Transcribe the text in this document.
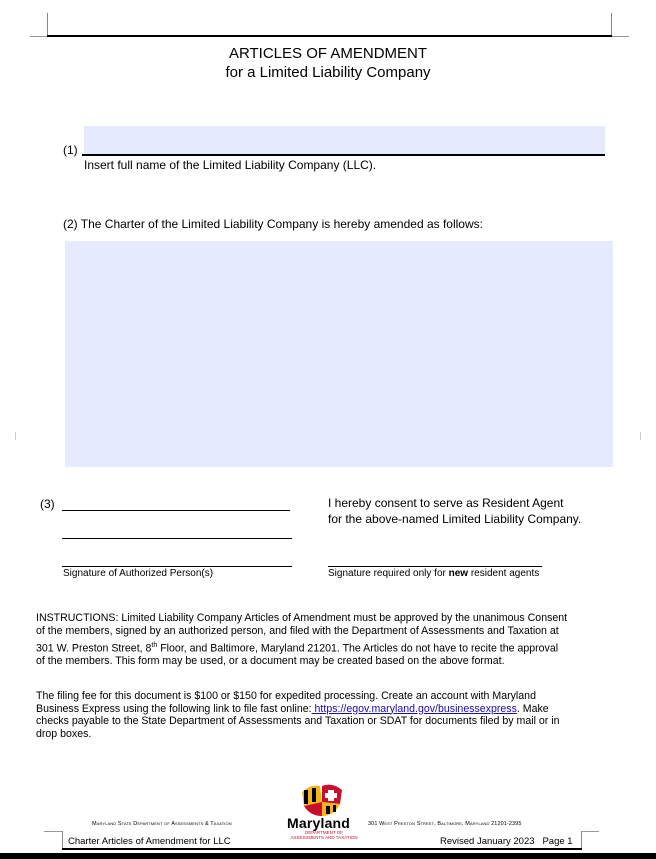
ARTICLES OF AMENDMENT
for a Limited Liability Company
(1)
Insert full name of the Limited Liability Company (LLC).
(2) The Charter of the Limited Liability Company is hereby amended as follows:
(3)
Signature of Authorized Person(s)
I hereby consent to serve as Resident Agent
for the above-named Limited Liability Company.
Signature required only for new resident agents
INSTRUCTIONS: Limited Liability Company Articles of Amendment must be approved by the unanimous Consent
of the members, signed by an authorized person, and filed with the Department of Assessments and Taxation at
301 W. Preston Street, 8th Floor, and Baltimore, Maryland 21201. The Articles do not have to recite the approval
of the members. This form may be used, or a document may be created based on the above format.
The filing fee for this document is $100 or $150 for expedited processing. Create an account with Maryland
Business Express using the following link to file fast online: https://egov.maryland.gov/businessexpress. Make
checks payable to the State Department of Assessments and Taxation or SDAT for documents filed by mail or in
drop boxes.
Maryland State Department of Assessments & Taxation	301 West Preston Street, Baltimore, Maryland 21201-2395
Maryland
DEPARTMENT OF
ASSESSMENTS AND TAXATION
Charter Articles of Amendment for LLC	Revised January 2023 Page 1
